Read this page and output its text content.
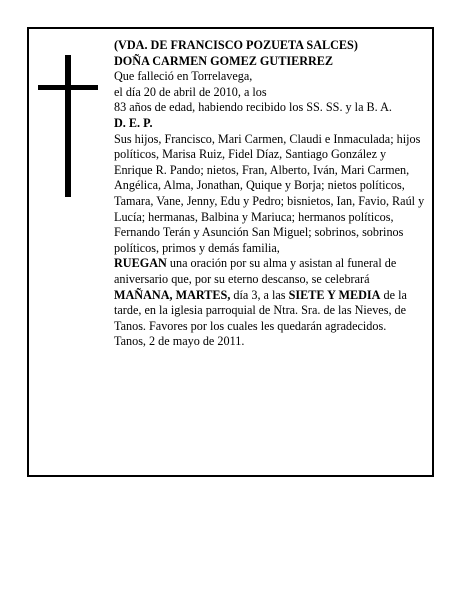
(VDA. DE FRANCISCO POZUETA SALCES)

DOÑA CARMEN GOMEZ GUTIERREZ

Que falleció en Torrelavega,

el día 20 de abril de 2010, a los

83 años de edad, habiendo recibido los SS. SS. y la B. A.

D. E. P.

Sus hijos, Francisco, Mari Carmen, Claudi e Inmaculada; hijos políticos, Marisa Ruiz, Fidel Díaz, Santiago González y Enrique R. Pando; nietos, Fran, Alberto, Iván, Mari Carmen, Angélica, Alma, Jonathan, Quique y Borja; nietos políticos, Tamara, Vane, Jenny, Edu y Pedro; bisnietos, Ian, Favio, Raúl y Lucía; hermanas, Balbina y Mariuca; hermanos políticos, Fernando Terán y Asunción San Miguel; sobrinos, sobrinos políticos, primos y demás familia,

RUEGAN una oración por su alma y asistan al funeral de aniversario que, por su eterno descanso, se celebrará MAÑANA, MARTES, día 3, a las SIETE Y MEDIA de la tarde, en la iglesia parroquial de Ntra. Sra. de las Nieves, de Tanos. Favores por los cuales les quedarán agradecidos.

Tanos, 2 de mayo de 2011.
